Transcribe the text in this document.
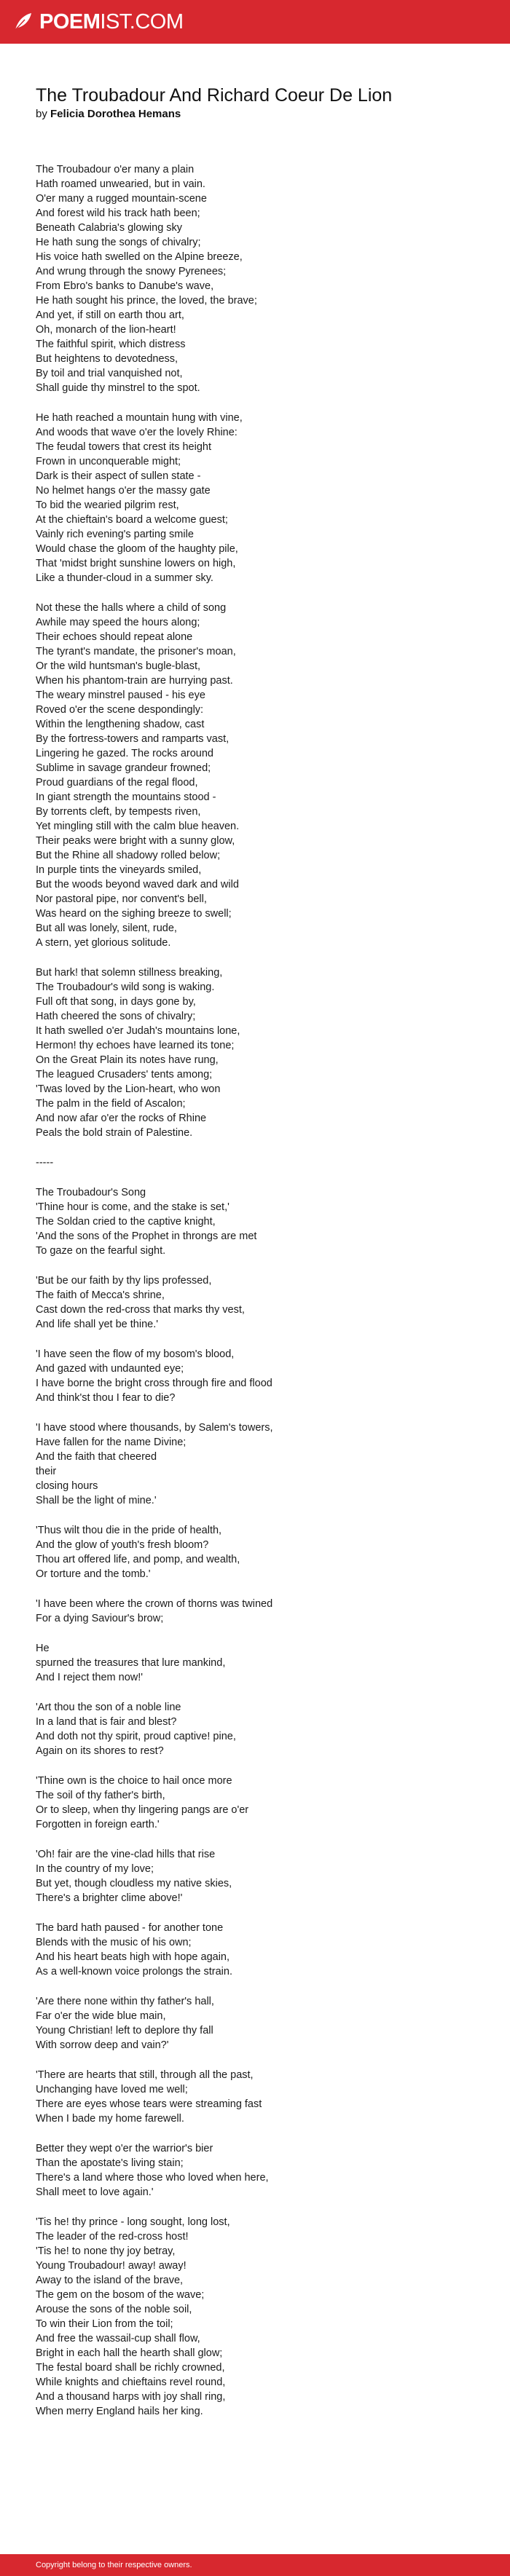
POEMIST.COM
The Troubadour And Richard Coeur De Lion
by Felicia Dorothea Hemans
The Troubadour o'er many a plain
Hath roamed unwearied, but in vain.
O'er many a rugged mountain-scene
And forest wild his track hath been;
Beneath Calabria's glowing sky
He hath sung the songs of chivalry;
His voice hath swelled on the Alpine breeze,
And wrung through the snowy Pyrenees;
From Ebro's banks to Danube's wave,
He hath sought his prince, the loved, the brave;
And yet, if still on earth thou art,
Oh, monarch of the lion-heart!
The faithful spirit, which distress
But heightens to devotedness,
By toil and trial vanquished not,
Shall guide thy minstrel to the spot.
He hath reached a mountain hung with vine,
And woods that wave o'er the lovely Rhine:
The feudal towers that crest its height
Frown in unconquerable might;
Dark is their aspect of sullen state -
No helmet hangs o'er the massy gate
To bid the wearied pilgrim rest,
At the chieftain's board a welcome guest;
Vainly rich evening's parting smile
Would chase the gloom of the haughty pile,
That 'midst bright sunshine lowers on high,
Like a thunder-cloud in a summer sky.
Not these the halls where a child of song
Awhile may speed the hours along;
Their echoes should repeat alone
The tyrant's mandate, the prisoner's moan,
Or the wild huntsman's bugle-blast,
When his phantom-train are hurrying past.
The weary minstrel paused - his eye
Roved o'er the scene despondingly:
Within the lengthening shadow, cast
By the fortress-towers and ramparts vast,
Lingering he gazed. The rocks around
Sublime in savage grandeur frowned;
Proud guardians of the regal flood,
In giant strength the mountains stood -
By torrents cleft, by tempests riven,
Yet mingling still with the calm blue heaven.
Their peaks were bright with a sunny glow,
But the Rhine all shadowy rolled below;
In purple tints the vineyards smiled,
But the woods beyond waved dark and wild
Nor pastoral pipe, nor convent's bell,
Was heard on the sighing breeze to swell;
But all was lonely, silent, rude,
A stern, yet glorious solitude.
But hark! that solemn stillness breaking,
The Troubadour's wild song is waking.
Full oft that song, in days gone by,
Hath cheered the sons of chivalry;
It hath swelled o'er Judah's mountains lone,
Hermon! thy echoes have learned its tone;
On the Great Plain its notes have rung,
The leagued Crusaders' tents among;
'Twas loved by the Lion-heart, who won
The palm in the field of Ascalon;
And now afar o'er the rocks of Rhine
Peals the bold strain of Palestine.
-----
The Troubadour's Song
'Thine hour is come, and the stake is set,'
The Soldan cried to the captive knight,
'And the sons of the Prophet in throngs are met
To gaze on the fearful sight.
'But be our faith by thy lips professed,
The faith of Mecca's shrine,
Cast down the red-cross that marks thy vest,
And life shall yet be thine.'
'I have seen the flow of my bosom's blood,
And gazed with undaunted eye;
I have borne the bright cross through fire and flood
And think'st thou I fear to die?
'I have stood where thousands, by Salem's towers,
Have fallen for the name Divine;
And the faith that cheered
their
closing hours
Shall be the light of mine.'
'Thus wilt thou die in the pride of health,
And the glow of youth's fresh bloom?
Thou art offered life, and pomp, and wealth,
Or torture and the tomb.'
'I have been where the crown of thorns was twined
For a dying Saviour's brow;
He
spurned the treasures that lure mankind,
And I reject them now!'
'Art thou the son of a noble line
In a land that is fair and blest?
And doth not thy spirit, proud captive! pine,
Again on its shores to rest?
'Thine own is the choice to hail once more
The soil of thy father's birth,
Or to sleep, when thy lingering pangs are o'er
Forgotten in foreign earth.'
'Oh! fair are the vine-clad hills that rise
In the country of my love;
But yet, though cloudless my native skies,
There's a brighter clime above!'
The bard hath paused - for another tone
Blends with the music of his own;
And his heart beats high with hope again,
As a well-known voice prolongs the strain.
'Are there none within thy father's hall,
Far o'er the wide blue main,
Young Christian! left to deplore thy fall
With sorrow deep and vain?'
'There are hearts that still, through all the past,
Unchanging have loved me well;
There are eyes whose tears were streaming fast
When I bade my home farewell.
Better they wept o'er the warrior's bier
Than the apostate's living stain;
There's a land where those who loved when here,
Shall meet to love again.'
'Tis he! thy prince - long sought, long lost,
The leader of the red-cross host!
'Tis he! to none thy joy betray,
Young Troubadour! away! away!
Away to the island of the brave,
The gem on the bosom of the wave;
Arouse the sons of the noble soil,
To win their Lion from the toil;
And free the wassail-cup shall flow,
Bright in each hall the hearth shall glow;
The festal board shall be richly crowned,
While knights and chieftains revel round,
And a thousand harps with joy shall ring,
When merry England hails her king.
Copyright belong to their respective owners.
